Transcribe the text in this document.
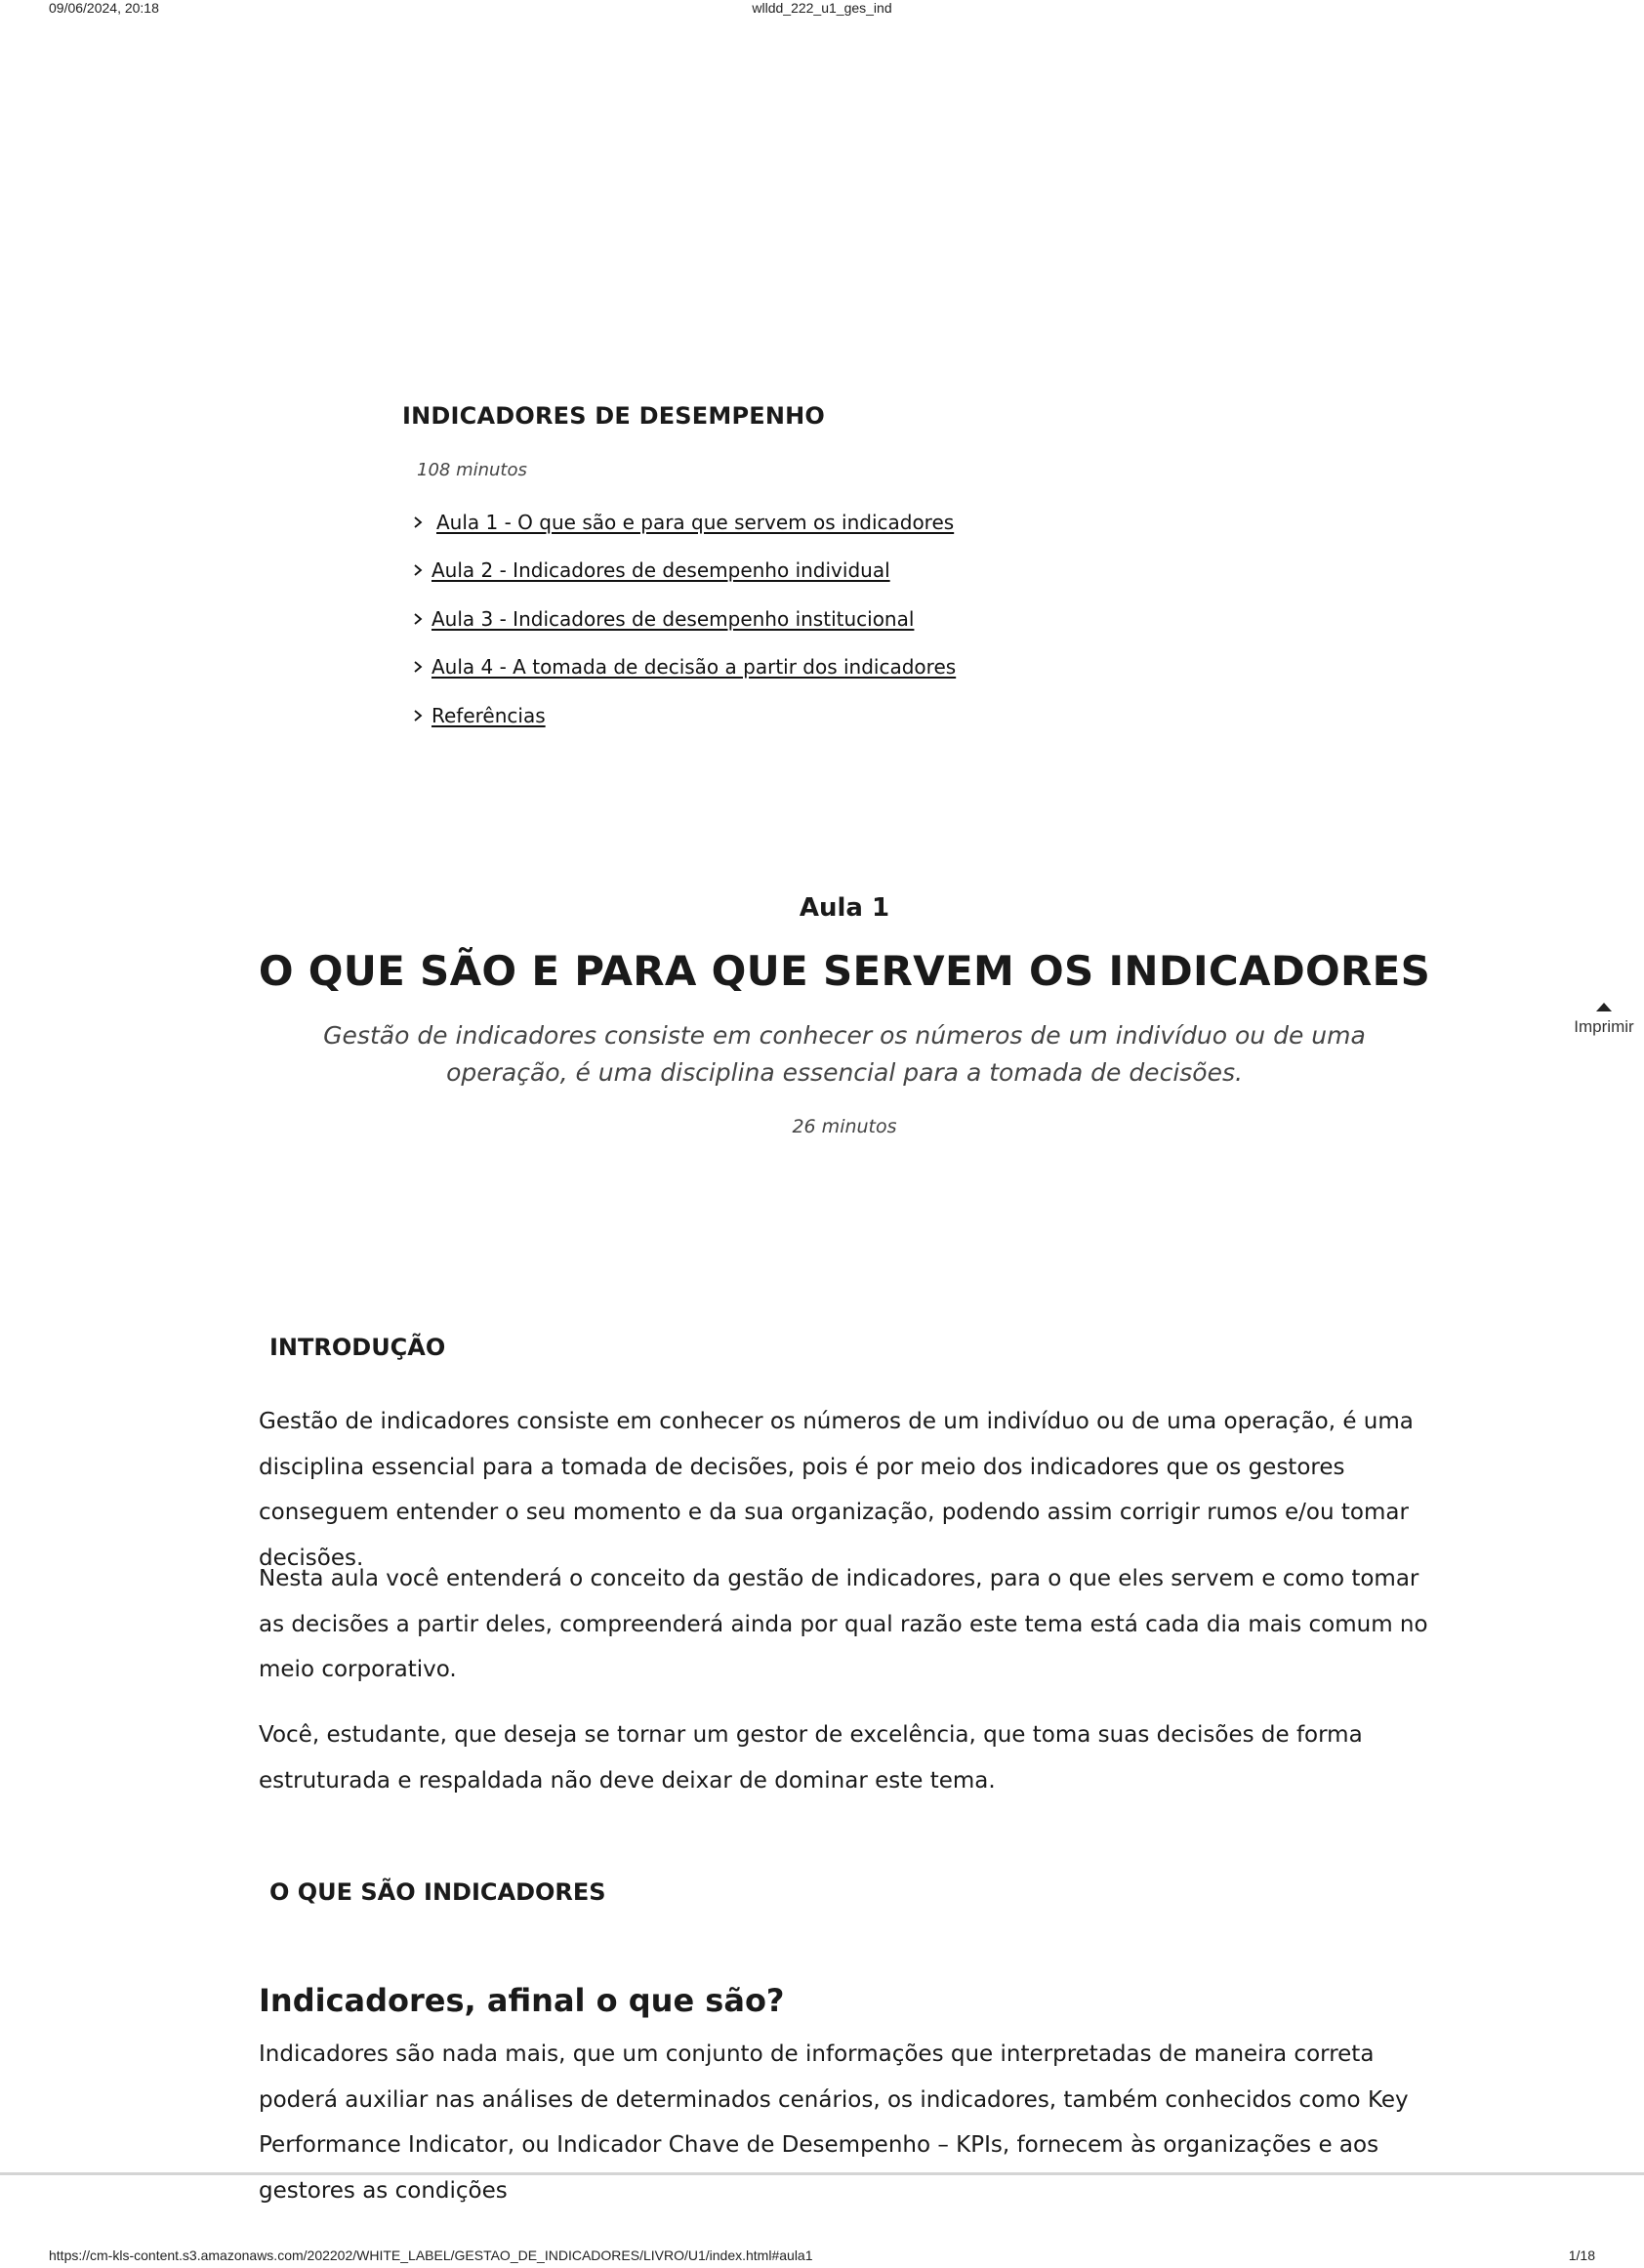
09/06/2024, 20:18	wlldd_222_u1_ges_ind
INDICADORES DE DESEMPENHO
108 minutos
Aula 1 - O que são e para que servem os indicadores
Aula 2 - Indicadores de desempenho individual
Aula 3 - Indicadores de desempenho institucional
Aula 4 - A tomada de decisão a partir dos indicadores
Referências
Aula 1
O QUE SÃO E PARA QUE SERVEM OS INDICADORES
Gestão de indicadores consiste em conhecer os números de um indivíduo ou de uma operação, é uma disciplina essencial para a tomada de decisões.
26 minutos
INTRODUÇÃO
Gestão de indicadores consiste em conhecer os números de um indivíduo ou de uma operação, é uma disciplina essencial para a tomada de decisões, pois é por meio dos indicadores que os gestores conseguem entender o seu momento e da sua organização, podendo assim corrigir rumos e/ou tomar decisões.
Nesta aula você entenderá o conceito da gestão de indicadores, para o que eles servem e como tomar as decisões a partir deles, compreenderá ainda por qual razão este tema está cada dia mais comum no meio corporativo.
Você, estudante, que deseja se tornar um gestor de excelência, que toma suas decisões de forma estruturada e respaldada não deve deixar de dominar este tema.
O QUE SÃO INDICADORES
Indicadores, afinal o que são?
Indicadores são nada mais, que um conjunto de informações que interpretadas de maneira correta poderá auxiliar nas análises de determinados cenários, os indicadores, também conhecidos como Key Performance Indicator, ou Indicador Chave de Desempenho – KPIs, fornecem às organizações e aos gestores as condições
Imprimir
https://cm-kls-content.s3.amazonaws.com/202202/WHITE_LABEL/GESTAO_DE_INDICADORES/LIVRO/U1/index.html#aula1	1/18
